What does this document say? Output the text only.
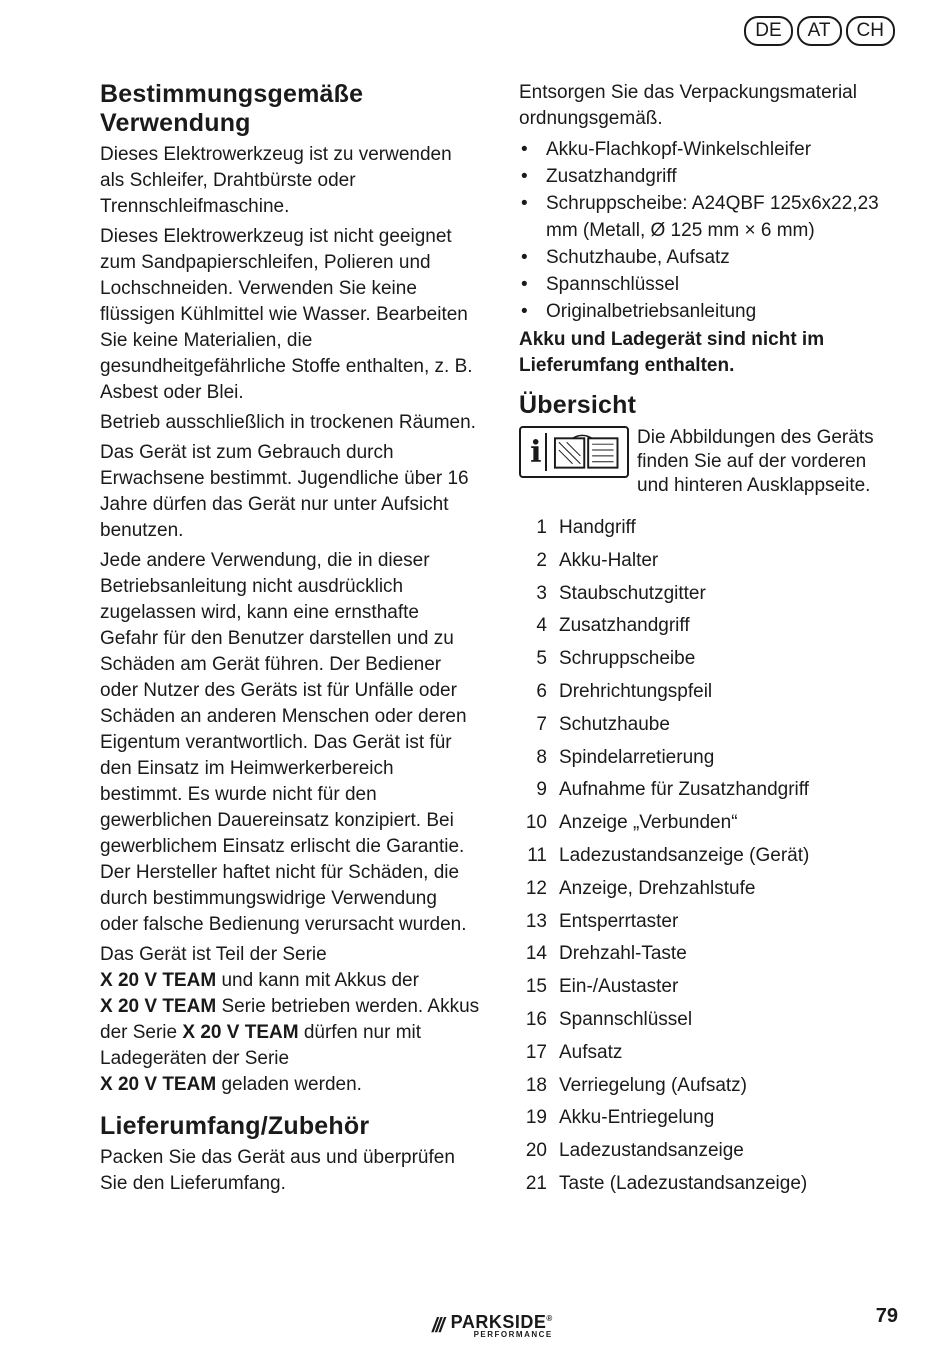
DE	AT	CH
Bestimmungsgemäße Verwendung

Dieses Elektrowerkzeug ist zu verwenden als Schleifer, Drahtbürste oder Trennschleifmaschine.

Dieses Elektrowerkzeug ist nicht geeignet zum Sandpapierschleifen, Polieren und Lochschneiden. Verwenden Sie keine flüssigen Kühlmittel wie Wasser. Bearbeiten Sie keine Materialien, die gesundheitgefährliche Stoffe enthalten, z. B. Asbest oder Blei.

Betrieb ausschließlich in trockenen Räumen.

Das Gerät ist zum Gebrauch durch Erwachsene bestimmt. Jugendliche über 16 Jahre dürfen das Gerät nur unter Aufsicht benutzen.

Jede andere Verwendung, die in dieser Betriebsanleitung nicht ausdrücklich zugelassen wird, kann eine ernsthafte Gefahr für den Benutzer darstellen und zu Schäden am Gerät führen. Der Bediener oder Nutzer des Geräts ist für Unfälle oder Schäden an anderen Menschen oder deren Eigentum verantwortlich. Das Gerät ist für den Einsatz im Heimwerkerbereich bestimmt. Es wurde nicht für den gewerblichen Dauereinsatz konzipiert. Bei gewerblichem Einsatz erlischt die Garantie. Der Hersteller haftet nicht für Schäden, die durch bestimmungswidrige Verwendung oder falsche Bedienung verursacht wurden.

Das Gerät ist Teil der Serie
X 20 V TEAM und kann mit Akkus der
X 20 V TEAM Serie betrieben werden. Akkus der Serie X 20 V TEAM dürfen nur mit Ladegeräten der Serie
X 20 V TEAM geladen werden.

Lieferumfang/Zubehör

Packen Sie das Gerät aus und überprüfen Sie den Lieferumfang.

Entsorgen Sie das Verpackungsmaterial ordnungsgemäß.

• Akku-Flachkopf-Winkelschleifer
• Zusatzhandgriff
• Schruppscheibe: A24QBF 125x6x22,23 mm (Metall, Ø 125 mm × 6 mm)
• Schutzhaube, Aufsatz
• Spannschlüssel
• Originalbetriebsanleitung

Akku und Ladegerät sind nicht im Lieferumfang enthalten.

Übersicht
i	Die Abbildungen des Geräts finden Sie auf der vorderen und hinteren Ausklappseite.
1 Handgriff
2 Akku-Halter
3 Staubschutzgitter
4 Zusatzhandgriff
5 Schruppscheibe
6 Drehrichtungspfeil
7 Schutzhaube
8 Spindelarretierung
9 Aufnahme für Zusatzhandgriff
10 Anzeige „Verbunden“
11 Ladezustandsanzeige (Gerät)
12 Anzeige, Drehzahlstufe
13 Entsperrtaster
14 Drehzahl-Taste
15 Ein-/Austaster
16 Spannschlüssel
17 Aufsatz
18 Verriegelung (Aufsatz)
19 Akku-Entriegelung
20 Ladezustandsanzeige
21 Taste (Ladezustandsanzeige)
/// PARKSIDE®
PERFORMANCE
79
